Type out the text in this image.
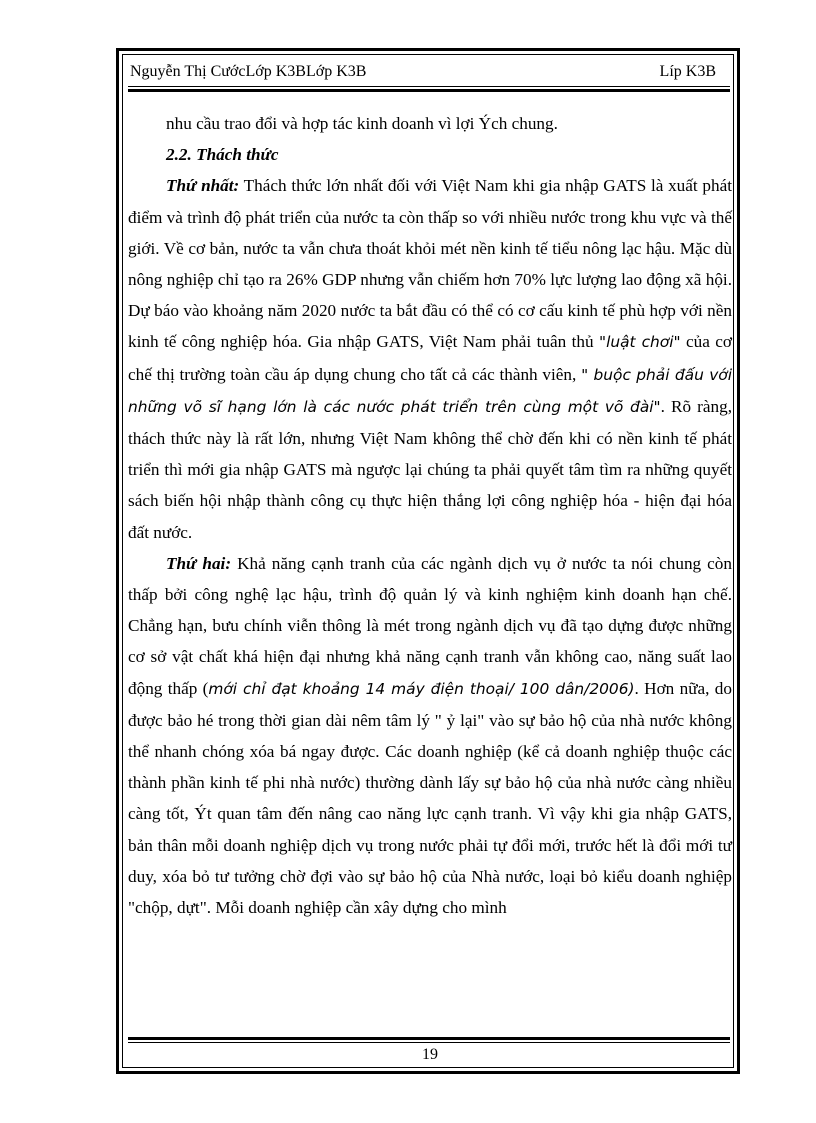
Nguyễn Thị CướcLớp K3BLớp K3B	Líp K3B

nhu cầu trao đổi và hợp tác kinh doanh vì lợi Ých chung.

2.2. Thách thức

Thứ nhất: Thách thức lớn nhất đối với Việt Nam khi gia nhập GATS là xuất phát điểm và trình độ phát triển của nước ta còn thấp so với nhiều nước trong khu vực và thế giới. Về cơ bản, nước ta vẫn chưa thoát khỏi mét nền kinh tế tiểu nông lạc hậu. Mặc dù nông nghiệp chỉ tạo ra 26% GDP nhưng vẫn chiếm hơn 70% lực lượng lao động xã hội. Dự báo vào khoảng năm 2020 nước ta bắt đầu có thể có cơ cấu kinh tế phù hợp với nền kinh tế công nghiệp hóa. Gia nhập GATS, Việt Nam phải tuân thủ "luật chơi" của cơ chế thị trường toàn cầu áp dụng chung cho tất cả các thành viên, " buộc phải đấu với những võ sĩ hạng lớn là các nước phát triển trên cùng một võ đài". Rõ ràng, thách thức này là rất lớn, nhưng Việt Nam không thể chờ đến khi có nền kinh tế phát triển thì mới gia nhập GATS mà ngược lại chúng ta phải quyết tâm tìm ra những quyết sách biến hội nhập thành công cụ thực hiện thắng lợi công nghiệp hóa - hiện đại hóa đất nước.

Thứ hai: Khả năng cạnh tranh của các ngành dịch vụ ở nước ta nói chung còn thấp bởi công nghệ lạc hậu, trình độ quản lý và kinh nghiệm kinh doanh hạn chế. Chẳng hạn, bưu chính viễn thông là mét trong ngành dịch vụ đã tạo dựng được những cơ sở vật chất khá hiện đại nhưng khả năng cạnh tranh vẫn không cao, năng suất lao động thấp (mới chỉ đạt khoảng 14 máy điện thoại/ 100 dân/2006). Hơn nữa, do được bảo hé trong thời gian dài nêm tâm lý " ỷ lại" vào sự bảo hộ của nhà nước không thể nhanh chóng xóa bá ngay được. Các doanh nghiệp (kể cả doanh nghiệp thuộc các thành phần kinh tế phi nhà nước) thường dành lấy sự bảo hộ của nhà nước càng nhiều càng tốt, Ýt quan tâm đến nâng cao năng lực cạnh tranh. Vì vậy khi gia nhập GATS, bản thân mỗi doanh nghiệp dịch vụ trong nước phải tự đổi mới, trước hết là đổi mới tư duy, xóa bỏ tư tưởng chờ đợi vào sự bảo hộ của Nhà nước, loại bỏ kiểu doanh nghiệp "chộp, dựt". Mỗi doanh nghiệp cần xây dựng cho mình

19
